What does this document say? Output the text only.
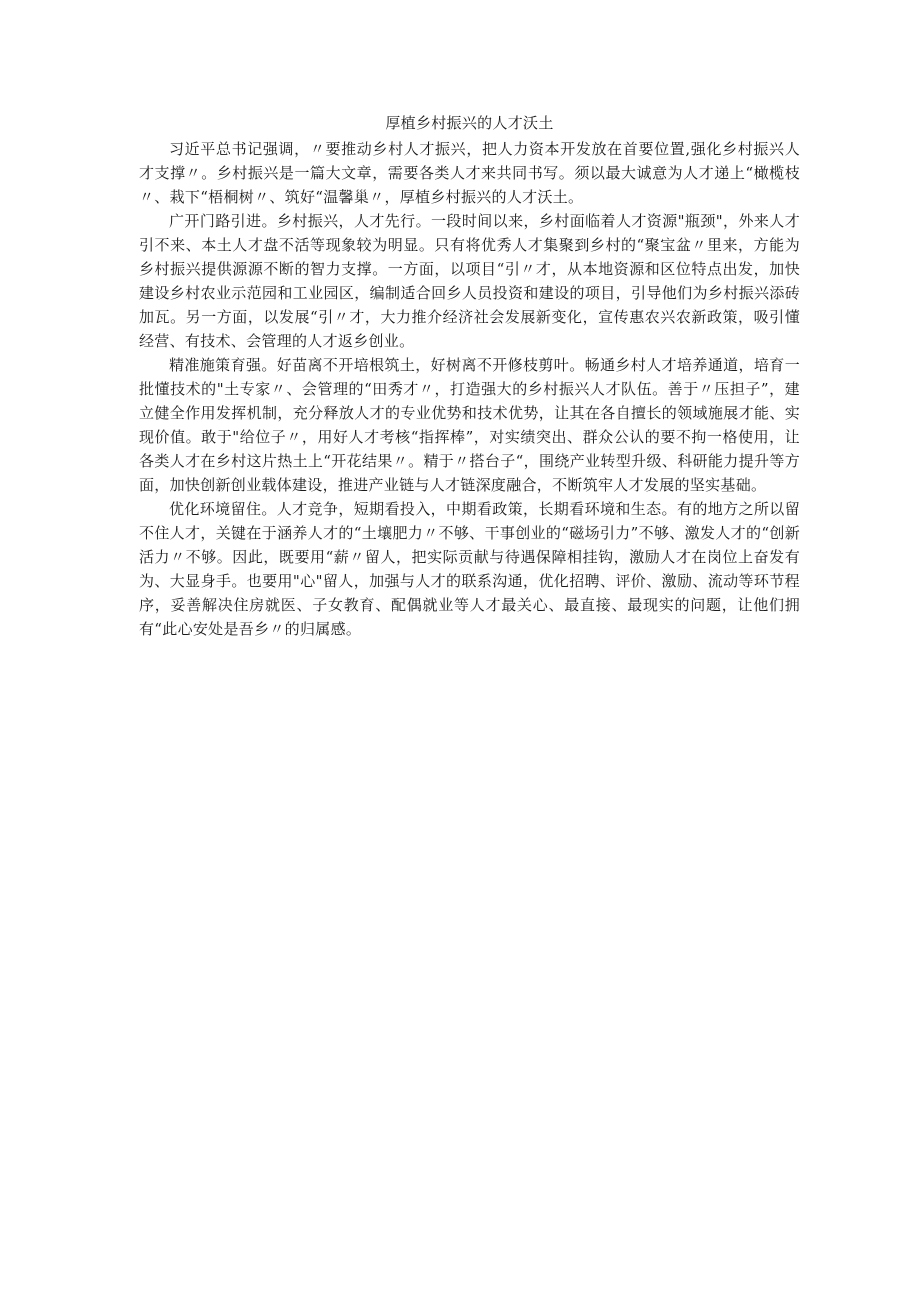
厚植乡村振兴的人才沃土

习近平总书记强调，〃要推动乡村人才振兴，把人力资本开发放在首要位置,强化乡村振兴人才支撑〃。乡村振兴是一篇大文章，需要各类人才来共同书写。须以最大诚意为人才递上“橄榄枝〃、栽下“梧桐树〃、筑好“温馨巢〃，厚植乡村振兴的人才沃土。

广开门路引进。乡村振兴，人才先行。一段时间以来，乡村面临着人才资源"瓶颈"，外来人才引不来、本土人才盘不活等现象较为明显。只有将优秀人才集聚到乡村的“聚宝盆〃里来，方能为乡村振兴提供源源不断的智力支撑。一方面，以项目“引〃才，从本地资源和区位特点出发，加快建设乡村农业示范园和工业园区，编制适合回乡人员投资和建设的项目，引导他们为乡村振兴添砖加瓦。另一方面，以发展“引〃才，大力推介经济社会发展新变化，宣传惠农兴农新政策，吸引懂经营、有技术、会管理的人才返乡创业。

精准施策育强。好苗离不开培根筑土，好树离不开修枝剪叶。畅通乡村人才培养通道，培育一批懂技术的"土专家〃、会管理的“田秀才〃，打造强大的乡村振兴人才队伍。善于〃压担子”，建立健全作用发挥机制，充分释放人才的专业优势和技术优势，让其在各自擅长的领域施展才能、实现价值。敢于"给位子〃，用好人才考核“指挥棒”，对实绩突出、群众公认的要不拘一格使用，让各类人才在乡村这片热土上“开花结果〃。精于〃搭台子“，围绕产业转型升级、科研能力提升等方面，加快创新创业载体建设，推进产业链与人才链深度融合，不断筑牢人才发展的坚实基础。

优化环境留住。人才竞争，短期看投入，中期看政策，长期看环境和生态。有的地方之所以留不住人才，关键在于涵养人才的“土壤肥力〃不够、干事创业的“磁场引力”不够、激发人才的“创新活力〃不够。因此，既要用“薪〃留人，把实际贡献与待遇保障相挂钩，激励人才在岗位上奋发有为、大显身手。也要用"心"留人，加强与人才的联系沟通，优化招聘、评价、激励、流动等环节程序，妥善解决住房就医、子女教育、配偶就业等人才最关心、最直接、最现实的问题，让他们拥有“此心安处是吾乡〃的归属感。
